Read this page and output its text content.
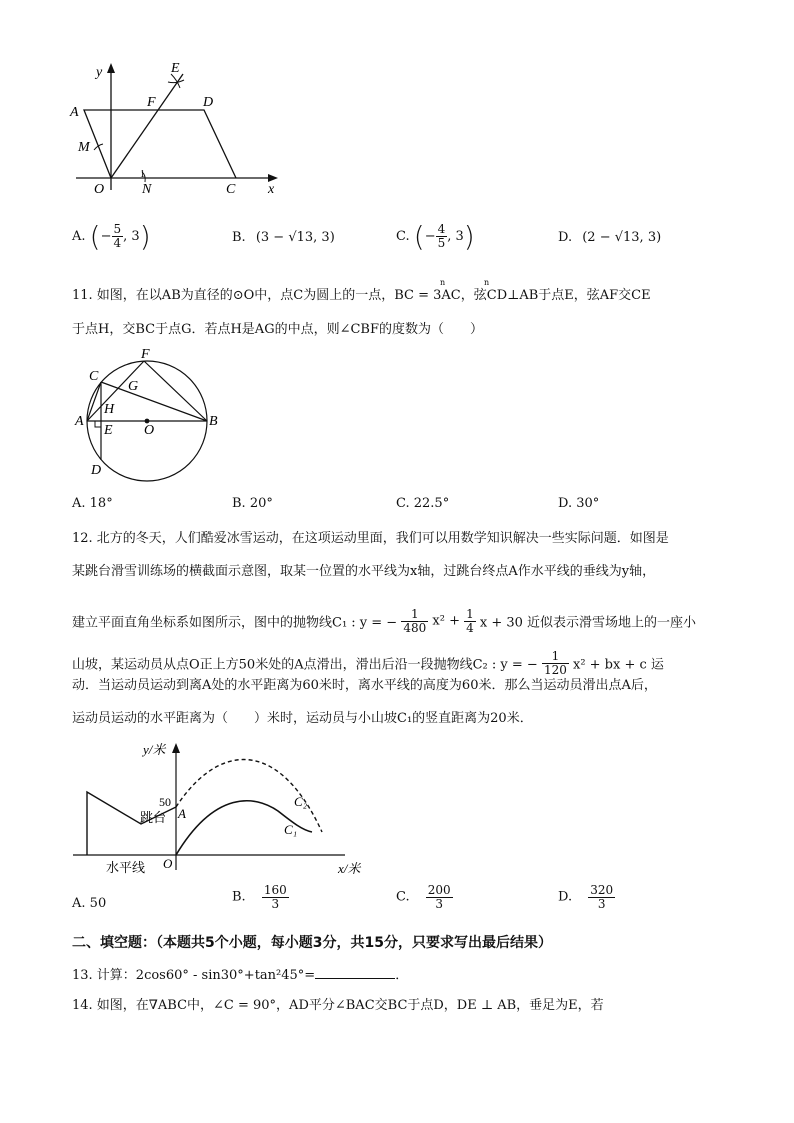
y
x
A
D
F
E
M
O	N
1
C
A. (− $\frac{5}{4}$ , 3)	B. (3 − √13, 3)	C. (− $\frac{4}{5}$ , 3)	D. (2 − √13, 3)
11. 如图，在以AB为直径的⊙O中，点C为圆上的一点，BC = 3AC，弦CD⊥AB于点E，弦AF交CE
n	n
于点H，交BC于点G．若点H是AG的中点，则∠CBF的度数为（　　）
F
C
G
H
A
E O
B
D
A. 18°	B. 20°	C. 22.5°	D. 30°
12. 北方的冬天，人们酷爱冰雪运动，在这项运动里面，我们可以用数学知识解决一些实际问题．如图是
某跳台滑雪训练场的横截面示意图，取某一位置的水平线为x轴，过跳台终点A作水平线的垂线为y轴，
建立平面直角坐标系如图所示，图中的抛物线C₁ : y = − $\frac{1}{480} x^2 + \frac{1}{4}$ x + 30 近似表示滑雪场地上的一座小
山坡，某运动员从点O正上方50米处的A点滑出，滑出后沿一段抛物线C₂ : y = − $\frac{1}{120} x^2$ + bx + c 运
动．当运动员运动到离A处的水平距离为60米时，离水平线的高度为60米．那么当运动员滑出点A后，
运动员运动的水平距离为（　　）米时，运动员与小山坡C₁的竖直距离为20米．
y/米
x/米
50
A
跳台
水平线 O
C₂
C₁
A. 50	B. $\frac{160}{3}$	C. $\frac{200}{3}$	D. $\frac{320}{3}$
二、填空题：（本题共5个小题，每小题3分，共15分，只要求写出最后结果）
13. 计算：2cos60° - sin30°+tan²45°=	．
14. 如图，在∇ABC中，∠C = 90°，AD平分∠BAC交BC于点D，DE ⊥ AB，垂足为E，若
